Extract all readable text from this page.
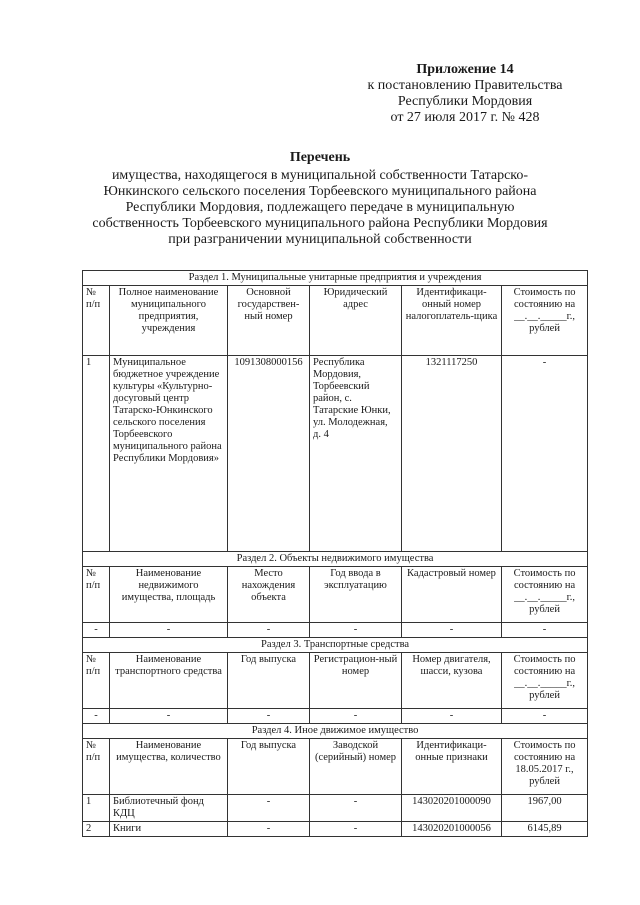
Приложение 14
к постановлению Правительства
Республики Мордовия
от 27 июля 2017 г. № 428
Перечень
имущества, находящегося в муниципальной собственности Татарско-Юнкинского сельского поселения Торбеевского муниципального района Республики Мордовия, подлежащего передаче в муниципальную собственность Торбеевского муниципального района Республики Мордовия при разграничении муниципальной собственности
Раздел 1. Муниципальные унитарные предприятия и учреждения					
№ п/п	Полное наименование муниципального предприятия, учреждения	Основной государствен-ный номер	Юридический адрес	Идентификаци-онный номер налогоплатель-щика	Стоимость по состоянию на __.__._____г., рублей
1	Муниципальное бюджетное учреждение культуры «Культурно-досуговый центр Татарско-Юнкинского сельского поселения Торбеевского муниципального района Республики Мордовия»	1091308000156	Республика Мордовия, Торбеевский район, с. Татарские Юнки, ул. Молодежная, д. 4	1321117250	-
Раздел 2. Объекты недвижимого имущества					
№ п/п	Наименование недвижимого имущества, площадь	Место нахождения объекта	Год ввода в эксплуатацию	Кадастровый номер	Стоимость по состоянию на __.__._____г., рублей
-	-	-	-	-	-
Раздел 3. Транспортные средства					
№ п/п	Наименование транспортного средства	Год выпуска	Регистрацион-ный номер	Номер двигателя, шасси, кузова	Стоимость по состоянию на __.__._____г., рублей
-	-	-	-	-	-
Раздел 4. Иное движимое имущество					
№ п/п	Наименование имущества, количество	Год выпуска	Заводской (серийный) номер	Идентификаци-онные признаки	Стоимость по состоянию на 18.05.2017 г., рублей
1	Библиотечный фонд КДЦ	-	-	143020201000090	1967,00
2	Книги	-	-	143020201000056	6145,89
